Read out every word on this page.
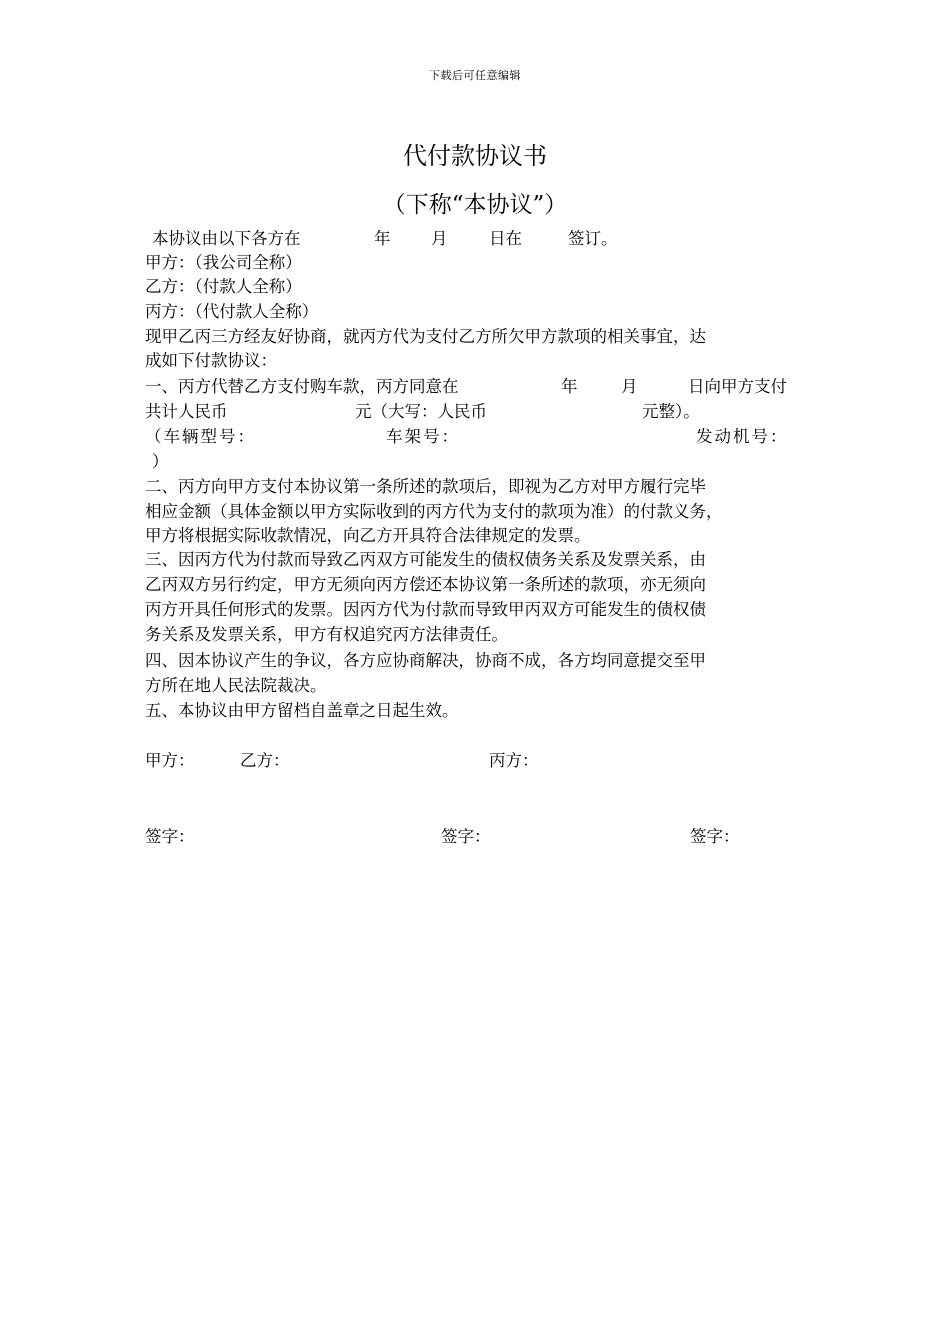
下载后可任意编辑
代付款协议书
（下称“本协议”）
本协议由以下各方在	年 月	日在	签订。
甲方：（我公司全称）
乙方：（付款人全称）
丙方：（代付款人全称）
现甲乙丙三方经友好协商，就丙方代为支付乙方所欠甲方款项的相关事宜，达
成如下付款协议：
一、丙方代替乙方支付购车款，丙方同意在	年	月	日向甲方支付
共计人民币	元（大写：人民币	元整）。
（车辆型号：	车架号：	发动机号：
）
二、丙方向甲方支付本协议第一条所述的款项后，即视为乙方对甲方履行完毕
相应金额（具体金额以甲方实际收到的丙方代为支付的款项为准）的付款义务，
甲方将根据实际收款情况，向乙方开具符合法律规定的发票。
三、因丙方代为付款而导致乙丙双方可能发生的债权债务关系及发票关系，由
乙丙双方另行约定，甲方无须向丙方偿还本协议第一条所述的款项，亦无须向
丙方开具任何形式的发票。因丙方代为付款而导致甲丙双方可能发生的债权债
务关系及发票关系，甲方有权追究丙方法律责任。
四、因本协议产生的争议，各方应协商解决，协商不成，各方均同意提交至甲
方所在地人民法院裁决。
五、本协议由甲方留档自盖章之日起生效。
甲方：	乙方：	丙方：
签字：	签字：	签字：
